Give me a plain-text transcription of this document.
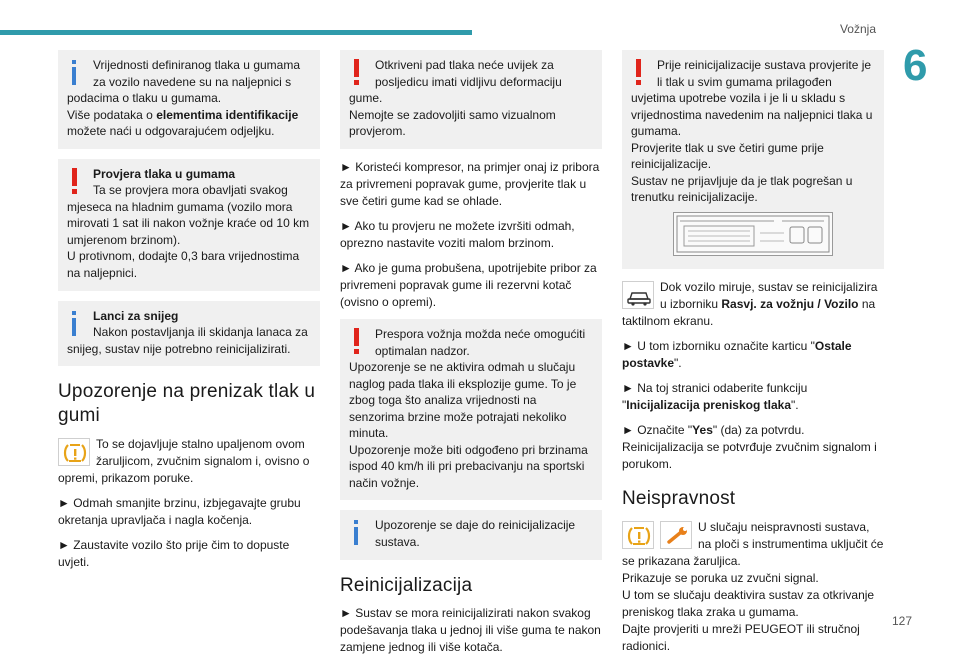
Vožnja
6
Vrijednosti definiranog tlaka u gumama za vozilo navedene su na naljepnici s podacima o tlaku u gumama.
Više podataka o elementima identifikacije možete naći u odgovarajućem odjeljku.
Provjera tlaka u gumama
Ta se provjera mora obavljati svakog mjeseca na hladnim gumama (vozilo mora mirovati 1 sat ili nakon vožnje kraće od 10 km umjerenom brzinom).
U protivnom, dodajte 0,3 bara vrijednostima na naljepnici.
Lanci za snijeg
Nakon postavljanja ili skidanja lanaca za snijeg, sustav nije potrebno reinicijalizirati.
Upozorenje na prenizak tlak u gumi
To se dojavljuje stalno upaljenom ovom žaruljicom, zvučnim signalom i, ovisno o opremi, prikazom poruke.
► Odmah smanjite brzinu, izbjegavajte grubu okretanja upravljača i nagla kočenja.
► Zaustavite vozilo što prije čim to dopuste uvjeti.
Otkriveni pad tlaka neće uvijek za posljedicu imati vidljivu deformaciju gume.
Nemojte se zadovoljiti samo vizualnom provjerom.
► Koristeći kompresor, na primjer onaj iz pribora za privremeni popravak gume, provjerite tlak u sve četiri gume kad se ohlade.
► Ako tu provjeru ne možete izvršiti odmah, oprezno nastavite voziti malom brzinom.
► Ako je guma probušena, upotrijebite pribor za privremeni popravak gume ili rezervni kotač (ovisno o opremi).
Prespora vožnja možda neće omogućiti optimalan nadzor.
Upozorenje se ne aktivira odmah u slučaju naglog pada tlaka ili eksplozije gume. To je zbog toga što analiza vrijednosti na senzorima brzine može potrajati nekoliko minuta.
Upozorenje može biti odgođeno pri brzinama ispod 40 km/h ili pri prebacivanju na sportski način vožnje.
Upozorenje se daje do reinicijalizacije sustava.
Reinicijalizacija
► Sustav se mora reinicijalizirati nakon svakog podešavanja tlaka u jednoj ili više guma te nakon zamjene jednog ili više kotača.
Prije reinicijalizacije sustava provjerite je li tlak u svim gumama prilagođen uvjetima upotrebe vozila i je li u skladu s vrijednostima navedenim na naljepnici tlaka u gumama.
Provjerite tlak u sve četiri gume prije reinicijalizacije.
Sustav ne prijavljuje da je tlak pogrešan u trenutku reinicijalizacije.
Dok vozilo miruje, sustav se reinicijalizira u izborniku Rasvj. za vožnju / Vozilo na taktilnom ekranu.
► U tom izborniku označite karticu "Ostale postavke".
► Na toj stranici odaberite funkciju "Inicijalizacija preniskog tlaka".
► Označite "Yes" (da) za potvrdu.
Reinicijalizacija se potvrđuje zvučnim signalom i porukom.
Neispravnost
U slučaju neispravnosti sustava, na ploči s instrumentima uključit će se prikazana žaruljica.
Prikazuje se poruka uz zvučni signal.
U tom se slučaju deaktivira sustav za otkrivanje preniskog tlaka zraka u gumama.
Dajte provjeriti u mreži PEUGEOT ili stručnoj radionici.
127
